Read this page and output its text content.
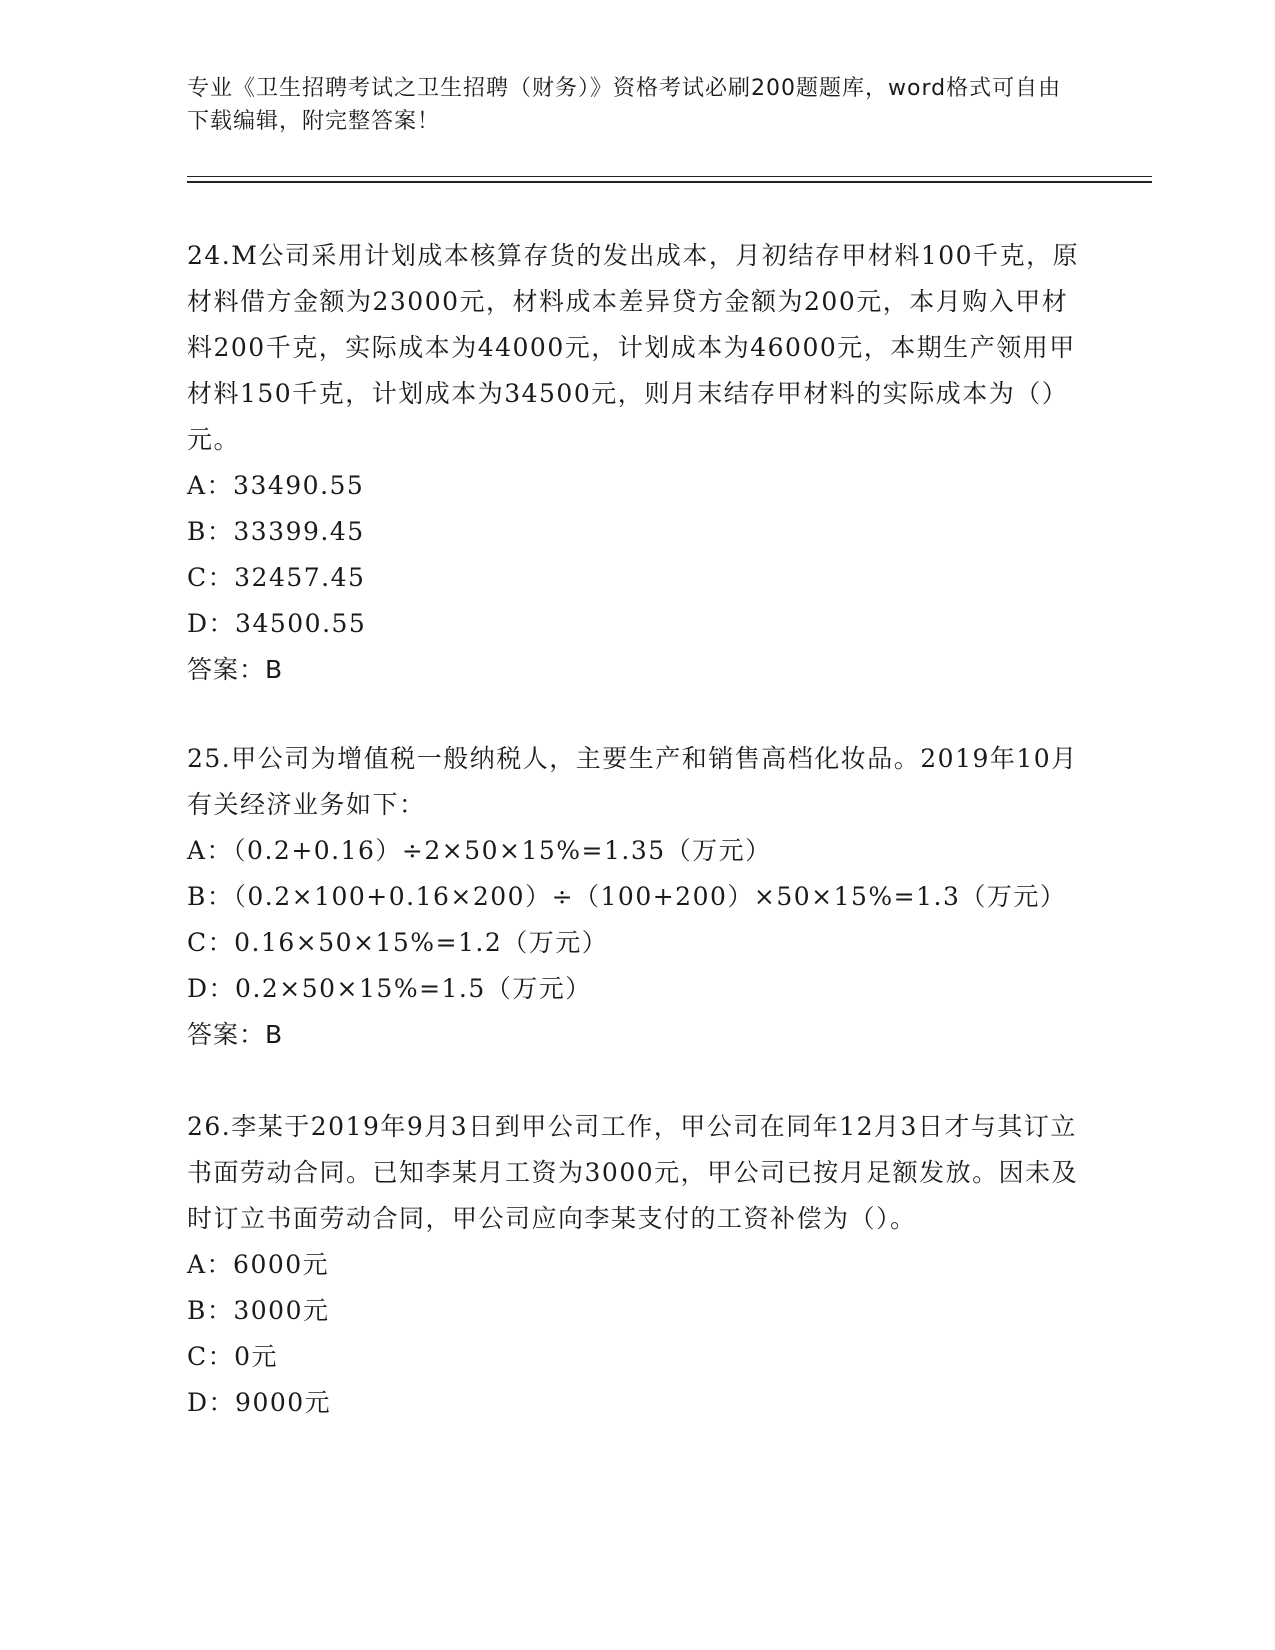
专业《卫生招聘考试之卫生招聘（财务）》资格考试必刷200题题库，word格式可自由下载编辑，附完整答案！

24.M公司采用计划成本核算存货的发出成本，月初结存甲材料100千克，原材料借方金额为23000元，材料成本差异贷方金额为200元，本月购入甲材料200千克，实际成本为44000元，计划成本为46000元，本期生产领用甲材料150千克，计划成本为34500元，则月末结存甲材料的实际成本为（）元。

A：33490.55

B：33399.45

C：32457.45

D：34500.55

答案：B

25.甲公司为增值税一般纳税人，主要生产和销售高档化妆品。2019年10月有关经济业务如下：

A：（0.2+0.16）÷2×50×15%=1.35（万元）

B：（0.2×100+0.16×200）÷（100+200）×50×15%=1.3（万元）

C：0.16×50×15%=1.2（万元）

D：0.2×50×15%=1.5（万元）

答案：B

26.李某于2019年9月3日到甲公司工作，甲公司在同年12月3日才与其订立书面劳动合同。已知李某月工资为3000元，甲公司已按月足额发放。因未及时订立书面劳动合同，甲公司应向李某支付的工资补偿为（）。

A：6000元

B：3000元

C：0元

D：9000元
